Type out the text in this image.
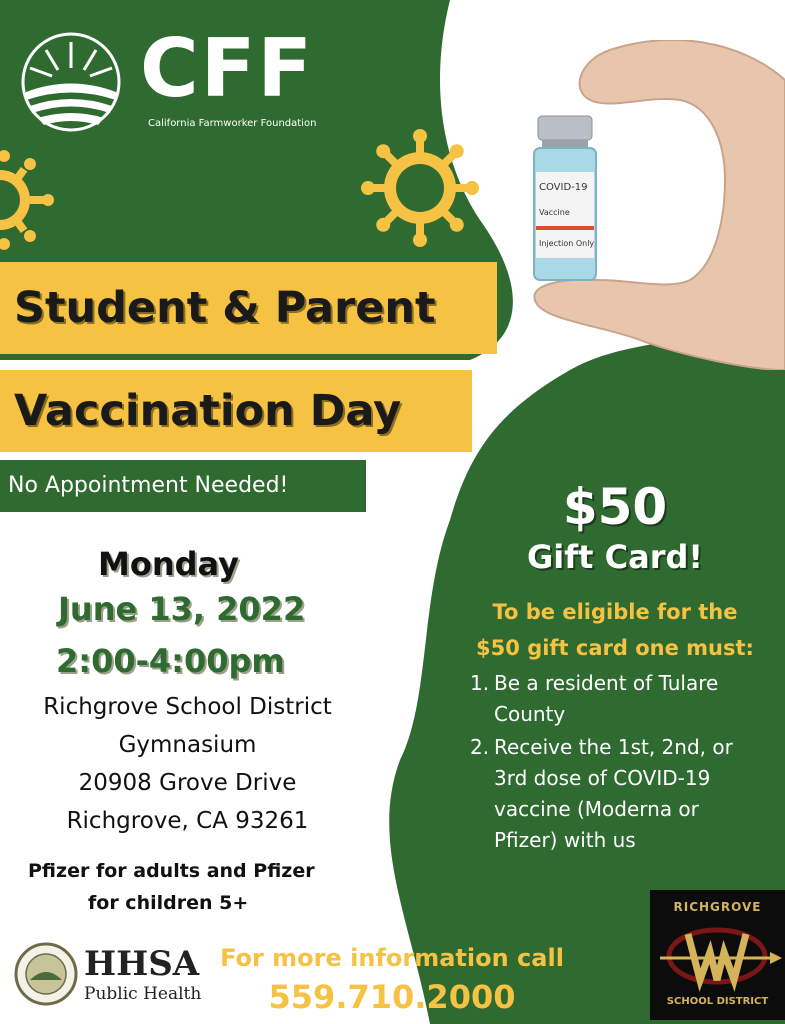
CFF
California Farmworker Foundation
COVID-19
Vaccine
Injection Only
Student & Parent
Vaccination Day
No Appointment Needed!
Monday
June 13, 2022
2:00-4:00pm
Richgrove School District
Gymnasium
20908 Grove Drive
Richgrove, CA 93261
Pfizer for adults and Pfizer
for children 5+
$50
Gift Card!
To be eligible for the
$50 gift card one must:
1. Be a resident of Tulare County
2. Receive the 1st, 2nd, or 3rd dose of COVID-19 vaccine (Moderna or Pfizer) with us
HHSA
Public Health
For more information call
559.710.2000
RICHGROVE
SCHOOL DISTRICT
